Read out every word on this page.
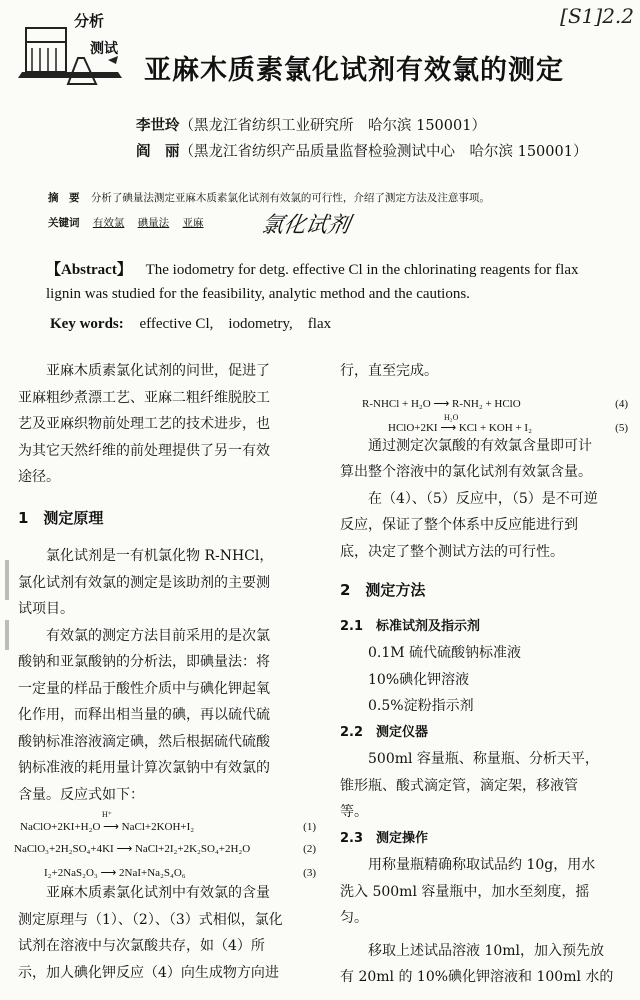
[S1]2.2
分析
测试
亚麻木质素氯化试剂有效氯的测定
李世玲（黑龙江省纺织工业研究所　哈尔滨 150001）
阎　丽（黑龙江省纺织产品质量监督检验测试中心　哈尔滨 150001）
摘　要 分析了碘量法测定亚麻木质素氯化试剂有效氯的可行性，介绍了测定方法及注意事项。
关键词 有效氯 碘量法 亚麻	氯化试剂
【Abstract】 The iodometry for detg. effective Cl in the chlorinating reagents for flax
lignin was studied for the feasibility, analytic method and the cautions.
Key words: effective Cl,　iodometry,　flax

亚麻木质素氯化试剂的问世，促进了

亚麻粗纱煮漂工艺、亚麻二粗纤维脱胶工

艺及亚麻织物前处理工艺的技术进步，也

为其它天然纤维的前处理提供了另一有效

途径。

1　测定原理

氯化试剂是一有机氯化物 R-NHCl，

氯化试剂有效氯的测定是该助剂的主要测

试项目。

有效氯的测定方法目前采用的是次氯

酸钠和亚氯酸钠的分析法，即碘量法：将

一定量的样品于酸性介质中与碘化钾起氧

化作用，而释出相当量的碘，再以硫代硫

酸钠标准溶液滴定碘，然后根据硫代硫酸

钠标准液的耗用量计算次氯钠中有效氯的

含量。反应式如下：

H⁺
NaClO+2KI+H₂O ⟶ NaCl+2KOH+I₂	(1)
NaClO₃+2H₂SO₄+4KI ⟶ NaCl+2I₂+2K₂SO₄+2H₂O	(2)
I₂+2NaS₂O₃ ⟶ 2NaI+Na₂S₄O₆	(3)

亚麻木质素氯化试剂中有效氯的含量

测定原理与（1）、（2）、（3）式相似，氯化

试剂在溶液中与次氯酸共存，如（4）所

示，加人碘化钾反应（4）向生成物方向进

行，直至完成。

R-NHCl + H₂O ⟶ R-NH₂ + HClO	(4)
H₂O
HClO+2KI ⟶ KCl + KOH + I₂	(5)

通过测定次氯酸的有效氯含量即可计

算出整个溶液中的氯化试剂有效氯含量。

在（4）、（5）反应中，（5）是不可逆

反应，保证了整个体系中反应能进行到

底，决定了整个测试方法的可行性。

2　测定方法

2.1　标准试剂及指示剂

0.1M 硫代硫酸钠标准液

10%碘化钾溶液

0.5%淀粉指示剂

2.2　测定仪器

500ml 容量瓶、称量瓶、分析天平，

锥形瓶、酸式滴定管，滴定架，移液管

等。

2.3　测定操作

用称量瓶精确称取试品约 10g，用水

洗入 500ml 容量瓶中，加水至刻度，摇

匀。

移取上述试品溶液 10ml，加入预先放

有 20ml 的 10%碘化钾溶液和 100ml 水的
